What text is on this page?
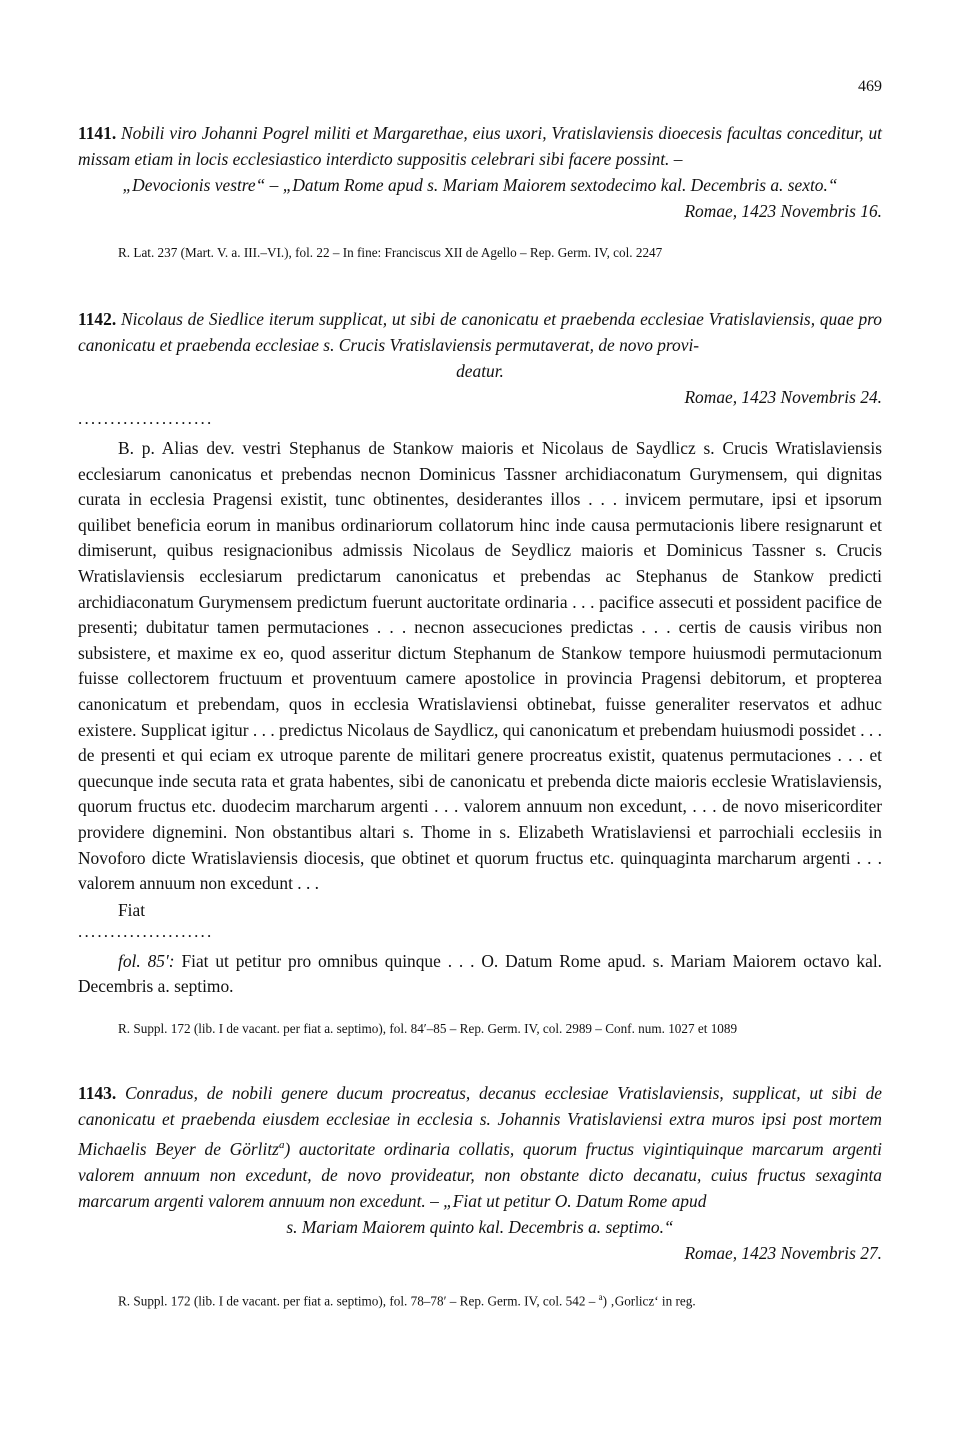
469
1141. Nobili viro Johanni Pogrel militi et Margarethae, eius uxori, Vratislaviensis dioecesis facultas conceditur, ut missam etiam in locis ecclesiastico interdicto suppositis celebrari sibi facere possint. –
„Devocionis vestre“ – „Datum Rome apud s. Mariam Maiorem sextodecimo kal. Decembris a. sexto.“
Romae, 1423 Novembris 16.
R. Lat. 237 (Mart. V. a. III.–VI.), fol. 22 – In fine: Franciscus XII de Agello – Rep. Germ. IV, col. 2247
1142. Nicolaus de Siedlice iterum supplicat, ut sibi de canonicatu et praebenda ecclesiae Vratislaviensis, quae pro canonicatu et praebenda ecclesiae s. Crucis Vratislaviensis permutaverat, de novo provi-
deatur.
Romae, 1423 Novembris 24.
.....................
B. p. Alias dev. vestri Stephanus de Stankow maioris et Nicolaus de Saydlicz s. Crucis Wratislaviensis ecclesiarum canonicatus et prebendas necnon Dominicus Tassner archidiaconatum Gurymensem, qui dignitas curata in ecclesia Pragensi existit, tunc obtinentes, desiderantes illos . . . invicem permutare, ipsi et ipsorum quilibet beneficia eorum in manibus ordinariorum collatorum hinc inde causa permutacionis libere resignarunt et dimiserunt, quibus resignacionibus admissis Nicolaus de Seydlicz maioris et Dominicus Tassner s. Crucis Wratislaviensis ecclesiarum predictarum canonicatus et prebendas ac Stephanus de Stankow predicti archidiaconatum Gurymensem predictum fuerunt auctoritate ordinaria . . . pacifice assecuti et possident pacifice de presenti; dubitatur tamen permutaciones . . . necnon assecuciones predictas . . . certis de causis viribus non subsistere, et maxime ex eo, quod asseritur dictum Stephanum de Stankow tempore huiusmodi permutacionum fuisse collectorem fructuum et proventuum camere apostolice in provincia Pragensi debitorum, et propterea canonicatum et prebendam, quos in ecclesia Wratislaviensi obtinebat, fuisse generaliter reservatos et adhuc existere. Supplicat igitur . . . predictus Nicolaus de Saydlicz, qui canonicatum et prebendam huiusmodi possidet . . . de presenti et qui eciam ex utroque parente de militari genere procreatus existit, quatenus permutaciones . . . et quecunque inde secuta rata et grata habentes, sibi de canonicatu et prebenda dicte maioris ecclesie Wratislaviensis, quorum fructus etc. duodecim marcharum argenti . . . valorem annuum non excedunt, . . . de novo misericorditer providere dignemini. Non obstantibus altari s. Thome in s. Elizabeth Wratislaviensi et parrochiali ecclesiis in Novoforo dicte Wratislaviensis diocesis, que obtinet et quorum fructus etc. quinquaginta marcharum argenti . . . valorem annuum non excedunt . . .
Fiat
.....................
fol. 85′: Fiat ut petitur pro omnibus quinque . . . O. Datum Rome apud. s. Mariam Maiorem octavo kal. Decembris a. septimo.
R. Suppl. 172 (lib. I de vacant. per fiat a. septimo), fol. 84′–85 – Rep. Germ. IV, col. 2989 – Conf. num. 1027 et 1089
1143. Conradus, de nobili genere ducum procreatus, decanus ecclesiae Vratislaviensis, supplicat, ut sibi de canonicatu et praebenda eiusdem ecclesiae in ecclesia s. Johannis Vratislaviensi extra muros ipsi post mortem Michaelis Beyer de Görlitz$^a$) auctoritate ordinaria collatis, quorum fructus vigintiquinque marcarum argenti valorem annuum non excedunt, de novo provideatur, non obstante dicto decanatu, cuius fructus sexaginta marcarum argenti valorem annuum non excedunt. – „Fiat ut petitur O. Datum Rome apud
s. Mariam Maiorem quinto kal. Decembris a. septimo.“
Romae, 1423 Novembris 27.
R. Suppl. 172 (lib. I de vacant. per fiat a. septimo), fol. 78–78′ – Rep. Germ. IV, col. 542 – $^a$) ‚Gorlicz‘ in reg.
